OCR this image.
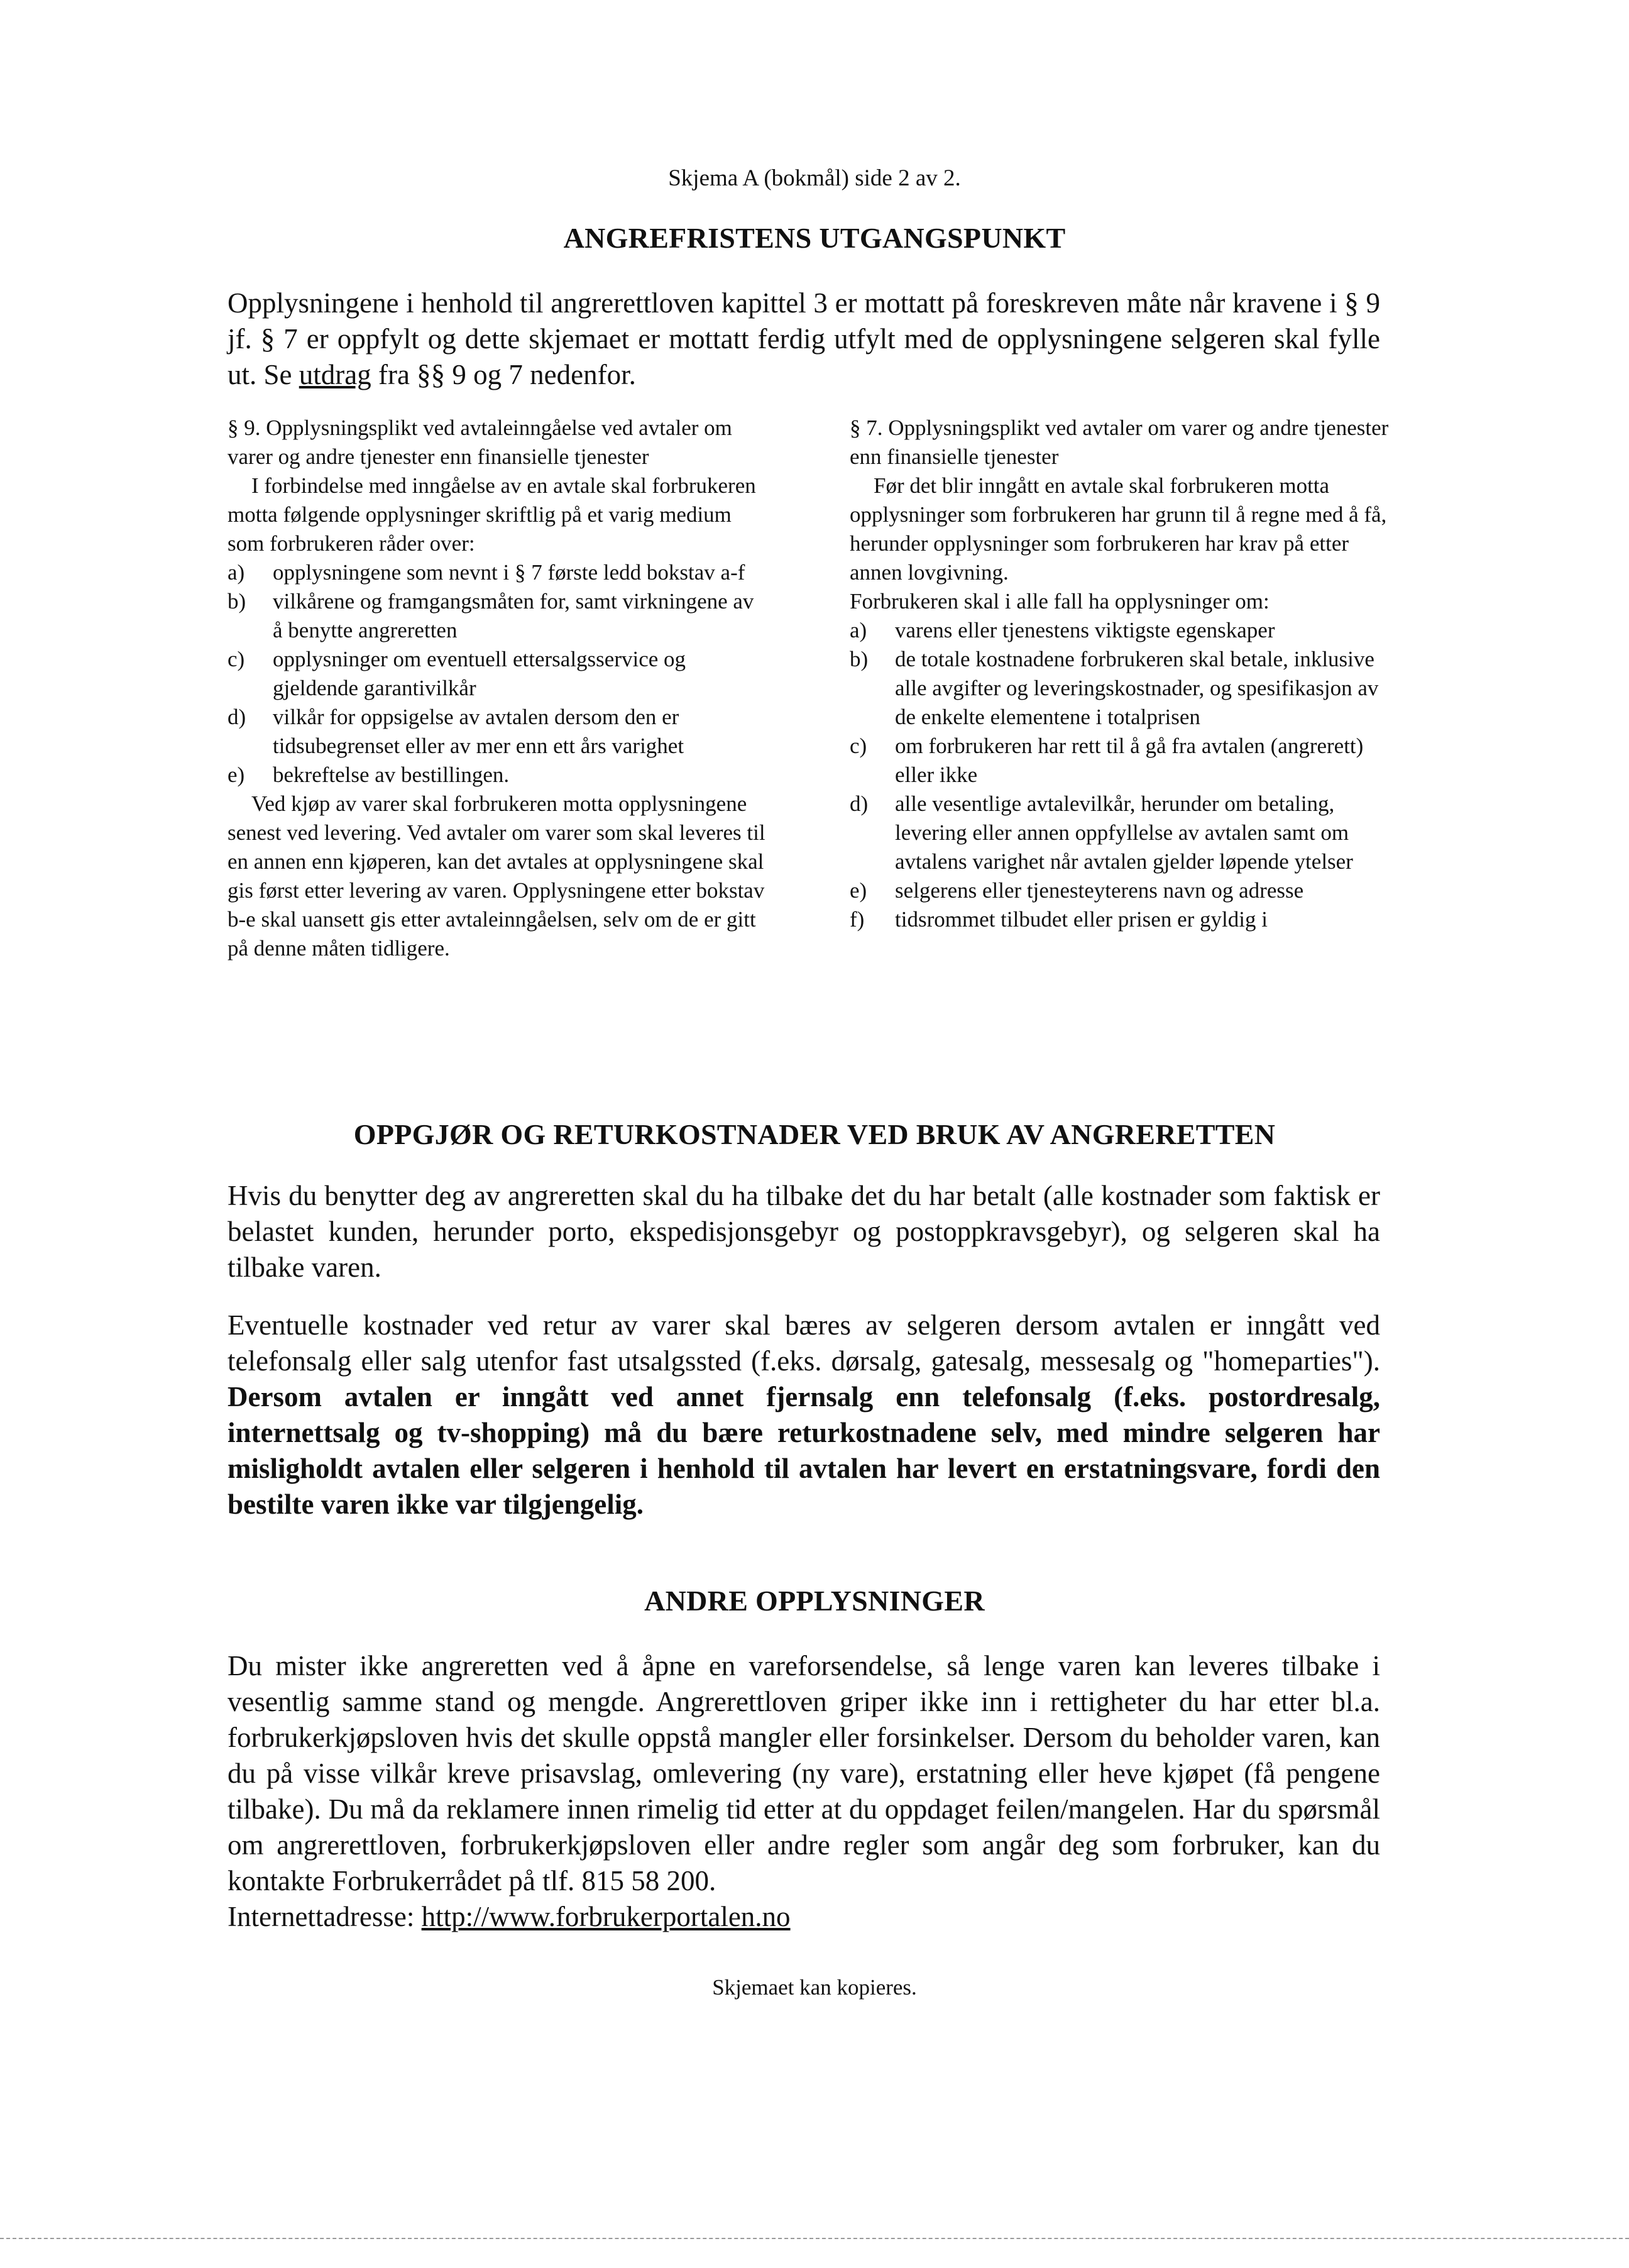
Skjema A (bokmål) side 2 av 2.
ANGREFRISTENS UTGANGSPUNKT
Opplysningene i henhold til angrerettloven kapittel 3 er mottatt på foreskreven måte når kravene i § 9 jf. § 7 er oppfylt og dette skjemaet er mottatt ferdig utfylt med de opplysningene selgeren skal fylle ut. Se utdrag fra §§ 9 og 7 nedenfor.

§ 9. Opplysningsplikt ved avtaleinngåelse ved avtaler om varer og andre tjenester enn finansielle tjenester

I forbindelse med inngåelse av en avtale skal forbrukeren motta følgende opplysninger skriftlig på et varig medium som forbrukeren råder over:

a)	opplysningene som nevnt i § 7 første ledd bokstav a-f
b)	vilkårene og framgangsmåten for, samt virkningene av å benytte angreretten
c)	opplysninger om eventuell ettersalgsservice og gjeldende garantivilkår
d)	vilkår for oppsigelse av avtalen dersom den er tidsubegrenset eller av mer enn ett års varighet
e)	bekreftelse av bestillingen.

Ved kjøp av varer skal forbrukeren motta opplysningene senest ved levering. Ved avtaler om varer som skal leveres til en annen enn kjøperen, kan det avtales at opplysningene skal gis først etter levering av varen. Opplysningene etter bokstav b-e skal uansett gis etter avtaleinngåelsen, selv om de er gitt på denne måten tidligere.

§ 7. Opplysningsplikt ved avtaler om varer og andre tjenester enn finansielle tjenester

Før det blir inngått en avtale skal forbrukeren motta opplysninger som forbrukeren har grunn til å regne med å få, herunder opplysninger som forbrukeren har krav på etter annen lovgivning.

Forbrukeren skal i alle fall ha opplysninger om:

a)	varens eller tjenestens viktigste egenskaper
b)	de totale kostnadene forbrukeren skal betale, inklusive alle avgifter og leveringskostnader, og spesifikasjon av de enkelte elementene i totalprisen
c)	om forbrukeren har rett til å gå fra avtalen (angrerett) eller ikke
d)	alle vesentlige avtalevilkår, herunder om betaling, levering eller annen oppfyllelse av avtalen samt om avtalens varighet når avtalen gjelder løpende ytelser
e)	selgerens eller tjenesteyterens navn og adresse
f)	tidsrommet tilbudet eller prisen er gyldig i
OPPGJØR OG RETURKOSTNADER VED BRUK AV ANGRERETTEN
Hvis du benytter deg av angreretten skal du ha tilbake det du har betalt (alle kostnader som faktisk er belastet kunden, herunder porto, ekspedisjonsgebyr og postoppkravsgebyr), og selgeren skal ha tilbake varen.
Eventuelle kostnader ved retur av varer skal bæres av selgeren dersom avtalen er inngått ved telefonsalg eller salg utenfor fast utsalgssted (f.eks. dørsalg, gatesalg, messesalg og "homeparties"). Dersom avtalen er inngått ved annet fjernsalg enn telefonsalg (f.eks. postordresalg, internettsalg og tv-shopping) må du bære returkostnadene selv, med mindre selgeren har misligholdt avtalen eller selgeren i henhold til avtalen har levert en erstatningsvare, fordi den bestilte varen ikke var tilgjengelig.
ANDRE OPPLYSNINGER
Du mister ikke angreretten ved å åpne en vareforsendelse, så lenge varen kan leveres tilbake i vesentlig samme stand og mengde. Angrerettloven griper ikke inn i rettigheter du har etter bl.a. forbrukerkjøpsloven hvis det skulle oppstå mangler eller forsinkelser. Dersom du beholder varen, kan du på visse vilkår kreve prisavslag, omlevering (ny vare), erstatning eller heve kjøpet (få pengene tilbake). Du må da reklamere innen rimelig tid etter at du oppdaget feilen/mangelen. Har du spørsmål om angrerettloven, forbrukerkjøpsloven eller andre regler som angår deg som forbruker, kan du kontakte Forbrukerrådet på tlf. 815 58 200.
Internettadresse: http://www.forbrukerportalen.no
Skjemaet kan kopieres.
